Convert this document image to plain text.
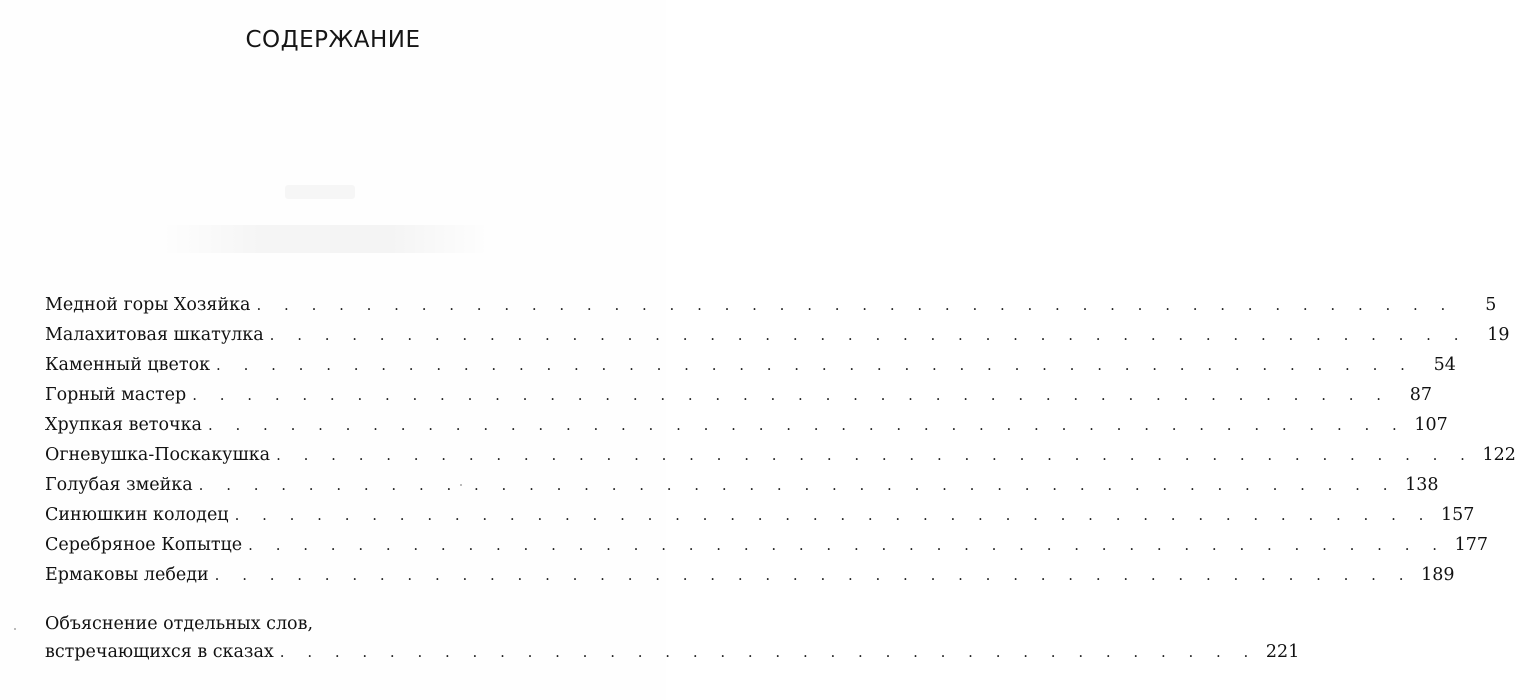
СОДЕРЖАНИЕ
Медной горы Хозяйка . . . . . . . . . . . . . . . . . . . . . . . . . . . . . . . . . . . . . . . . . . . .	5
Малахитовая шкатулка . . . . . . . . . . . . . . . . . . . . . . . . . . . . . . . . . . . . . . . . . . . .	19
Каменный цветок . . . . . . . . . . . . . . . . . . . . . . . . . . . . . . . . . . . . . . . . . . . .	54
Горный мастер . . . . . . . . . . . . . . . . . . . . . . . . . . . . . . . . . . . . . . . . . . . .	87
Хрупкая веточка . . . . . . . . . . . . . . . . . . . . . . . . . . . . . . . . . . . . . . . . . . . . 107
Огневушка-Поскакушка . . . . . . . . . . . . . . . . . . . . . . . . . . . . . . . . . . . . . . . . . . . . 122
Голубая змейка . . . . . . . . . . . . . . . . . . . . . . . . . . . . . . . . . . . . . . . . . . . . 138
Синюшкин колодец . . . . . . . . . . . . . . . . . . . . . . . . . . . . . . . . . . . . . . . . . . . . 157
Серебряное Копытце . . . . . . . . . . . . . . . . . . . . . . . . . . . . . . . . . . . . . . . . . . . . 177
Ермаковы лебеди . . . . . . . . . . . . . . . . . . . . . . . . . . . . . . . . . . . . . . . . . . . . 189
Объяснение отдельных слов,
встречающихся в сказах . . . . . . . . . . . . . . . . . . . . . . . . . . . . . . . . . . . . 221
